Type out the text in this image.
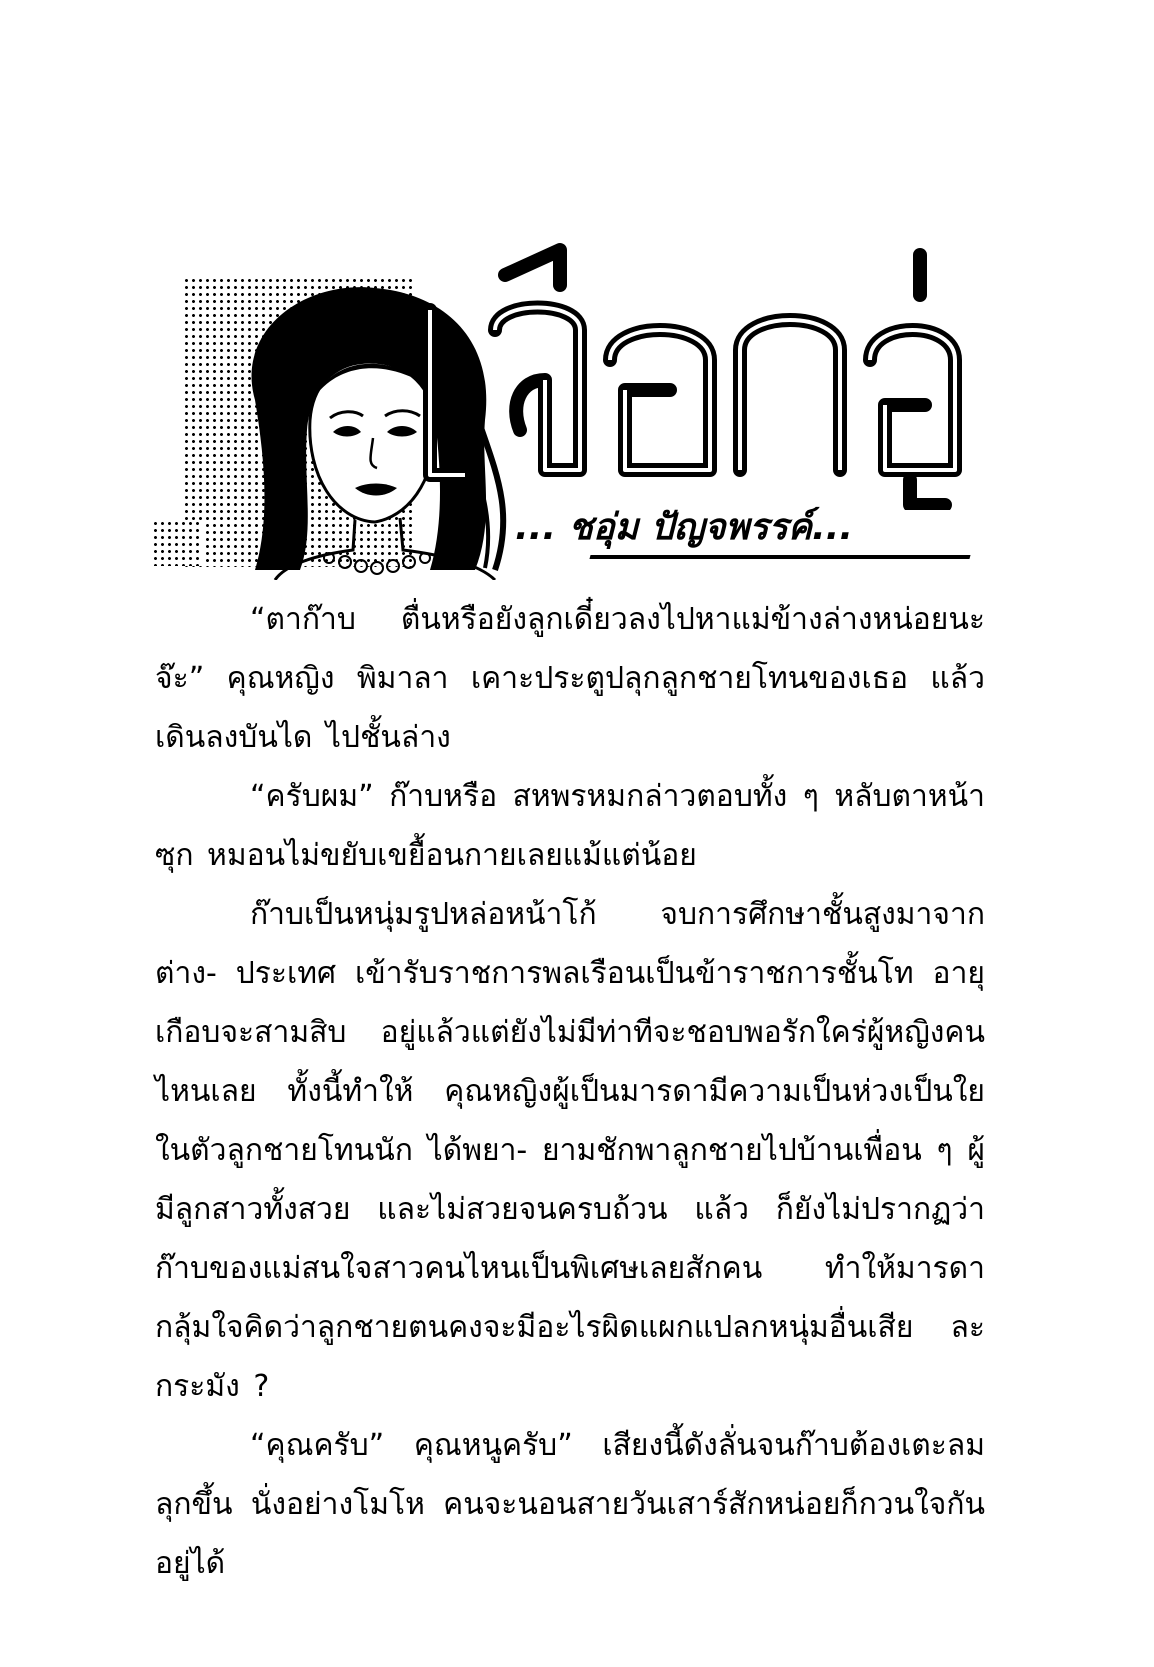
... ชอุ่ม ปัญจพรรค์...

“ตาก๊าบ ตื่นหรือยังลูกเดี๋ยวลงไปหาแม่ข้างล่างหน่อยนะจ๊ะ” คุณหญิง พิมาลา เคาะประตูปลุกลูกชายโทนของเธอ แล้วเดินลงบันได ไปชั้นล่าง

“ครับผม” ก๊าบหรือ สหพรหมกล่าวตอบทั้ง ๆ หลับตาหน้าซุก หมอนไม่ขยับเขยื้อนกายเลยแม้แต่น้อย

ก๊าบเป็นหนุ่มรูปหล่อหน้าโก้ จบการศึกษาชั้นสูงมาจากต่าง- ประเทศ เข้ารับราชการพลเรือนเป็นข้าราชการชั้นโท อายุเกือบจะสามสิบ อยู่แล้วแต่ยังไม่มีท่าทีจะชอบพอรักใคร่ผู้หญิงคนไหนเลย ทั้งนี้ทำให้ คุณหญิงผู้เป็นมารดามีความเป็นห่วงเป็นใยในตัวลูกชายโทนนัก ได้พยา- ยามชักพาลูกชายไปบ้านเพื่อน ๆ ผู้มีลูกสาวทั้งสวย และไม่สวยจนครบถ้วน แล้ว ก็ยังไม่ปรากฏว่า ก๊าบของแม่สนใจสาวคนไหนเป็นพิเศษเลยสักคน ทำให้มารดากลุ้มใจคิดว่าลูกชายตนคงจะมีอะไรผิดแผกแปลกหนุ่มอื่นเสีย ละกระมัง ?

“คุณครับ” คุณหนูครับ” เสียงนี้ดังลั่นจนก๊าบต้องเตะลมลุกขึ้น นั่งอย่างโมโห คนจะนอนสายวันเสาร์สักหน่อยก็กวนใจกันอยู่ได้
